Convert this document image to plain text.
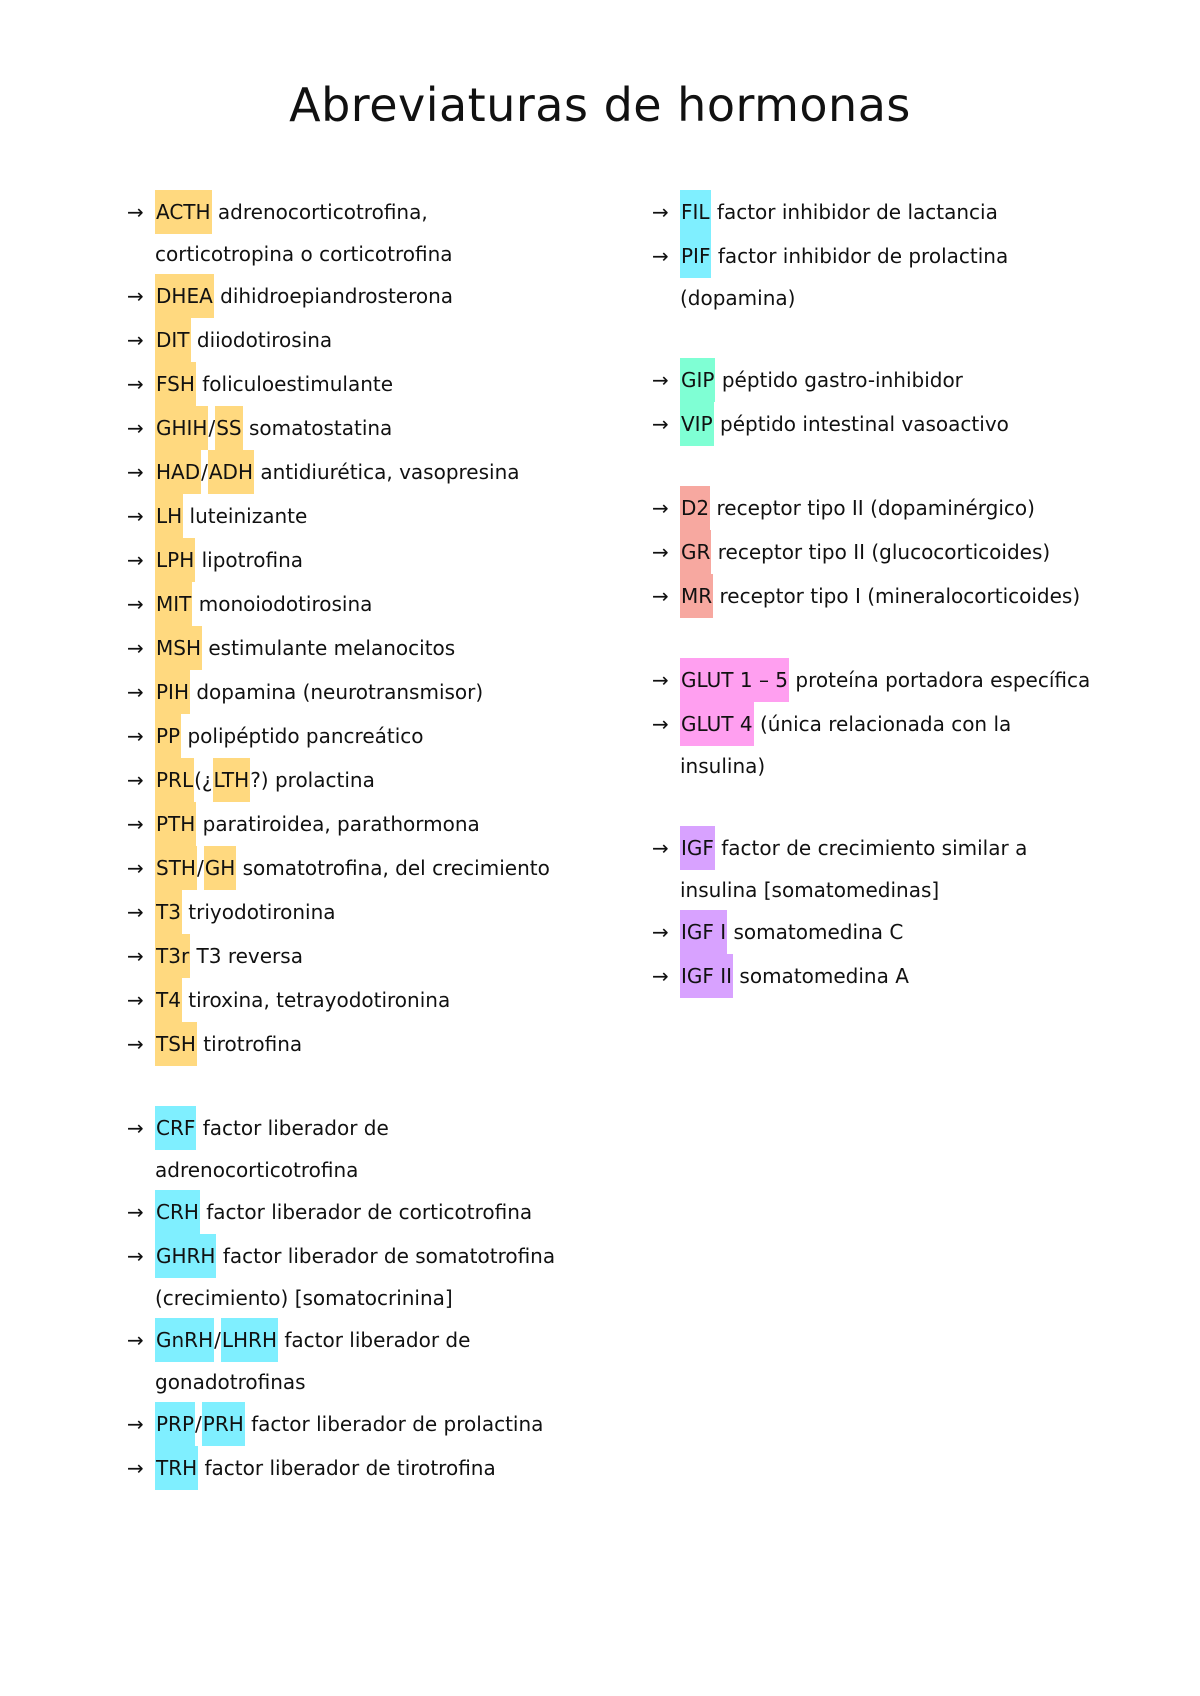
Abreviaturas de hormonas
→ ACTH adrenocorticotrofina,
corticotropina o corticotrofina
→ DHEA dihidroepiandrosterona
→ DIT diiodotirosina
→ FSH foliculoestimulante
→ GHIH / SS somatostatina
→ HAD / ADH antidiurética, vasopresina
→ LH luteinizante
→ LPH lipotrofina
→ MIT monoiodotirosina
→ MSH estimulante melanocitos
→ PIH dopamina (neurotransmisor)
→ PP polipéptido pancreático
→ PRL (¿ LTH ?) prolactina
→ PTH paratiroidea, parathormona
→ STH / GH somatotrofina, del crecimiento
→ T3 triyodotironina
→ T3r T3 reversa
→ T4 tiroxina, tetrayodotironina
→ TSH tirotrofina
→ CRF factor liberador de
adrenocorticotrofina
→ CRH factor liberador de corticotrofina
→ GHRH factor liberador de somatotrofina
(crecimiento) [somatocrinina]
→ GnRH / LHRH factor liberador de
gonadotrofinas
→ PRP / PRH factor liberador de prolactina
→ TRH factor liberador de tirotrofina
→ FIL factor inhibidor de lactancia
→ PIF factor inhibidor de prolactina
(dopamina)
→ GIP péptido gastro-inhibidor
→ VIP péptido intestinal vasoactivo
→ D2 receptor tipo II (dopaminérgico)
→ GR receptor tipo II (glucocorticoides)
→ MR receptor tipo I (mineralocorticoides)
→ GLUT 1 – 5 proteína portadora específica
→ GLUT 4 (única relacionada con la
insulina)
→ IGF factor de crecimiento similar a
insulina [somatomedinas]
→ IGF I somatomedina C
→ IGF II somatomedina A
